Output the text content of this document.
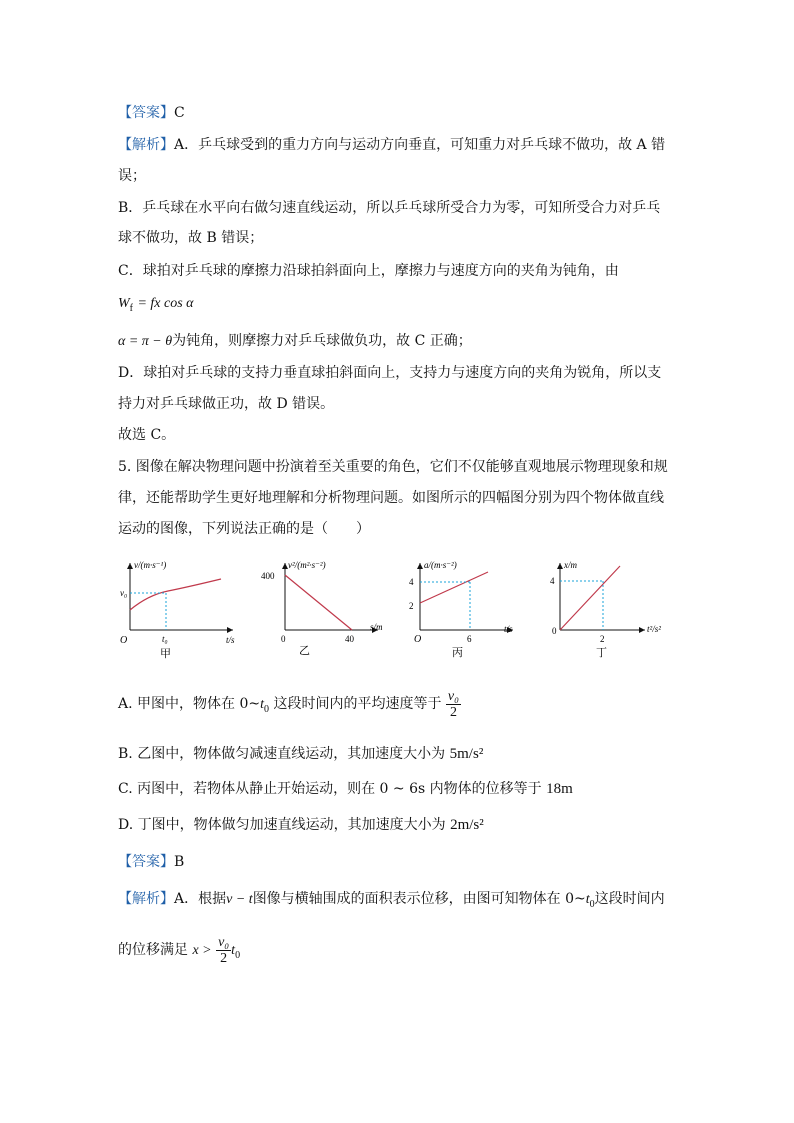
【答案】C
【解析】A．乒乓球受到的重力方向与运动方向垂直，可知重力对乒乓球不做功，故 A 错
误；
B．乒乓球在水平向右做匀速直线运动，所以乒乓球所受合力为零，可知所受合力对乒乓
球不做功，故 B 错误；
C．球拍对乒乓球的摩擦力沿球拍斜面向上，摩擦力与速度方向的夹角为钝角，由
$W_f$ = fx cos α
α = π − θ为钝角，则摩擦力对乒乓球做负功，故 C 正确；
D．球拍对乒乓球的支持力垂直球拍斜面向上，支持力与速度方向的夹角为锐角，所以支
持力对乒乓球做正功，故 D 错误。
故选 C。
5. 图像在解决物理问题中扮演着至关重要的角色，它们不仅能够直观地展示物理现象和规
律，还能帮助学生更好地理解和分析物理问题。如图所示的四幅图分别为四个物体做直线
运动的图像，下列说法正确的是（　　）
v/(m·s⁻¹)
v₀
t₀	t/s
O
甲
v²/(m²·s⁻²)
400
40
s/m
0
乙
a/(m·s⁻²)
4
2
6
t/s
O
丙
x/m
4
2
t²/s²
0
丁
A. 甲图中，物体在 $0\sim t_0$ 这段时间内的平均速度等于 $\frac{\text{v₀}}{2}$
B. 乙图中，物体做匀减速直线运动，其加速度大小为 5m/s²
C. 丙图中，若物体从静止开始运动，则在 0 ~ 6s 内物体的位移等于 18m
D. 丁图中，物体做匀加速直线运动，其加速度大小为 2m/s²
【答案】B
【解析】A．根据v − t图像与横轴围成的面积表示位移，由图可知物体在 $0\sim t_0$这段时间内
的位移满足 $x > \frac{\text{v₀}}{2} t_0$
